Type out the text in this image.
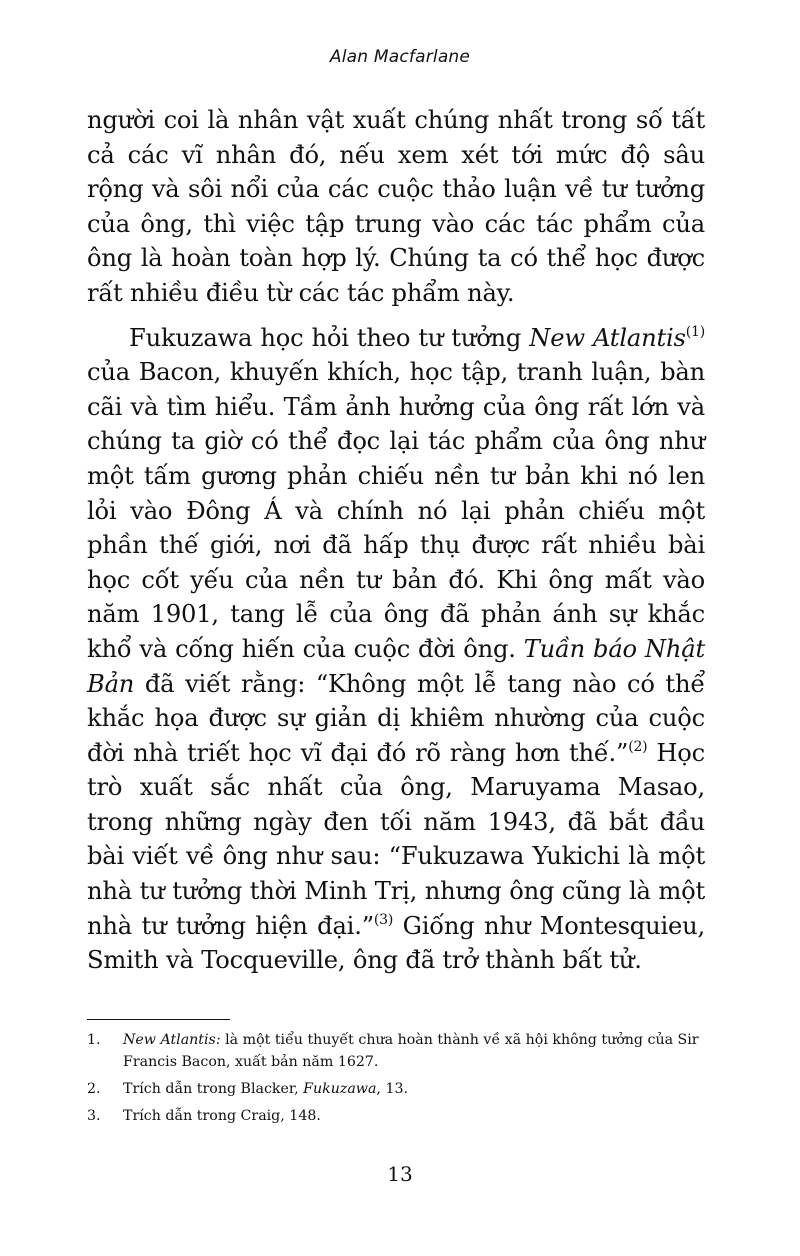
Alan Macfarlane

người coi là nhân vật xuất chúng nhất trong số tất cả các vĩ nhân đó, nếu xem xét tới mức độ sâu rộng và sôi nổi của các cuộc thảo luận về tư tưởng của ông, thì việc tập trung vào các tác phẩm của ông là hoàn toàn hợp lý. Chúng ta có thể học được rất nhiều điều từ các tác phẩm này.

Fukuzawa học hỏi theo tư tưởng New Atlantis$^{(1)}$ của Bacon, khuyến khích, học tập, tranh luận, bàn cãi và tìm hiểu. Tầm ảnh hưởng của ông rất lớn và chúng ta giờ có thể đọc lại tác phẩm của ông như một tấm gương phản chiếu nền tư bản khi nó len lỏi vào Đông Á và chính nó lại phản chiếu một phần thế giới, nơi đã hấp thụ được rất nhiều bài học cốt yếu của nền tư bản đó. Khi ông mất vào năm 1901, tang lễ của ông đã phản ánh sự khắc khổ và cống hiến của cuộc đời ông. Tuần báo Nhật Bản đã viết rằng: “Không một lễ tang nào có thể khắc họa được sự giản dị khiêm nhường của cuộc đời nhà triết học vĩ đại đó rõ ràng hơn thế.”$^{(2)}$ Học trò xuất sắc nhất của ông, Maruyama Masao, trong những ngày đen tối năm 1943, đã bắt đầu bài viết về ông như sau: “Fukuzawa Yukichi là một nhà tư tưởng thời Minh Trị, nhưng ông cũng là một nhà tư tưởng hiện đại.”$^{(3)}$ Giống như Montesquieu, Smith và Tocqueville, ông đã trở thành bất tử.

1.	New Atlantis: là một tiểu thuyết chưa hoàn thành về xã hội không tưởng của Sir Francis Bacon, xuất bản năm 1627.
2.	Trích dẫn trong Blacker, Fukuzawa, 13.
3.	Trích dẫn trong Craig, 148.
13
